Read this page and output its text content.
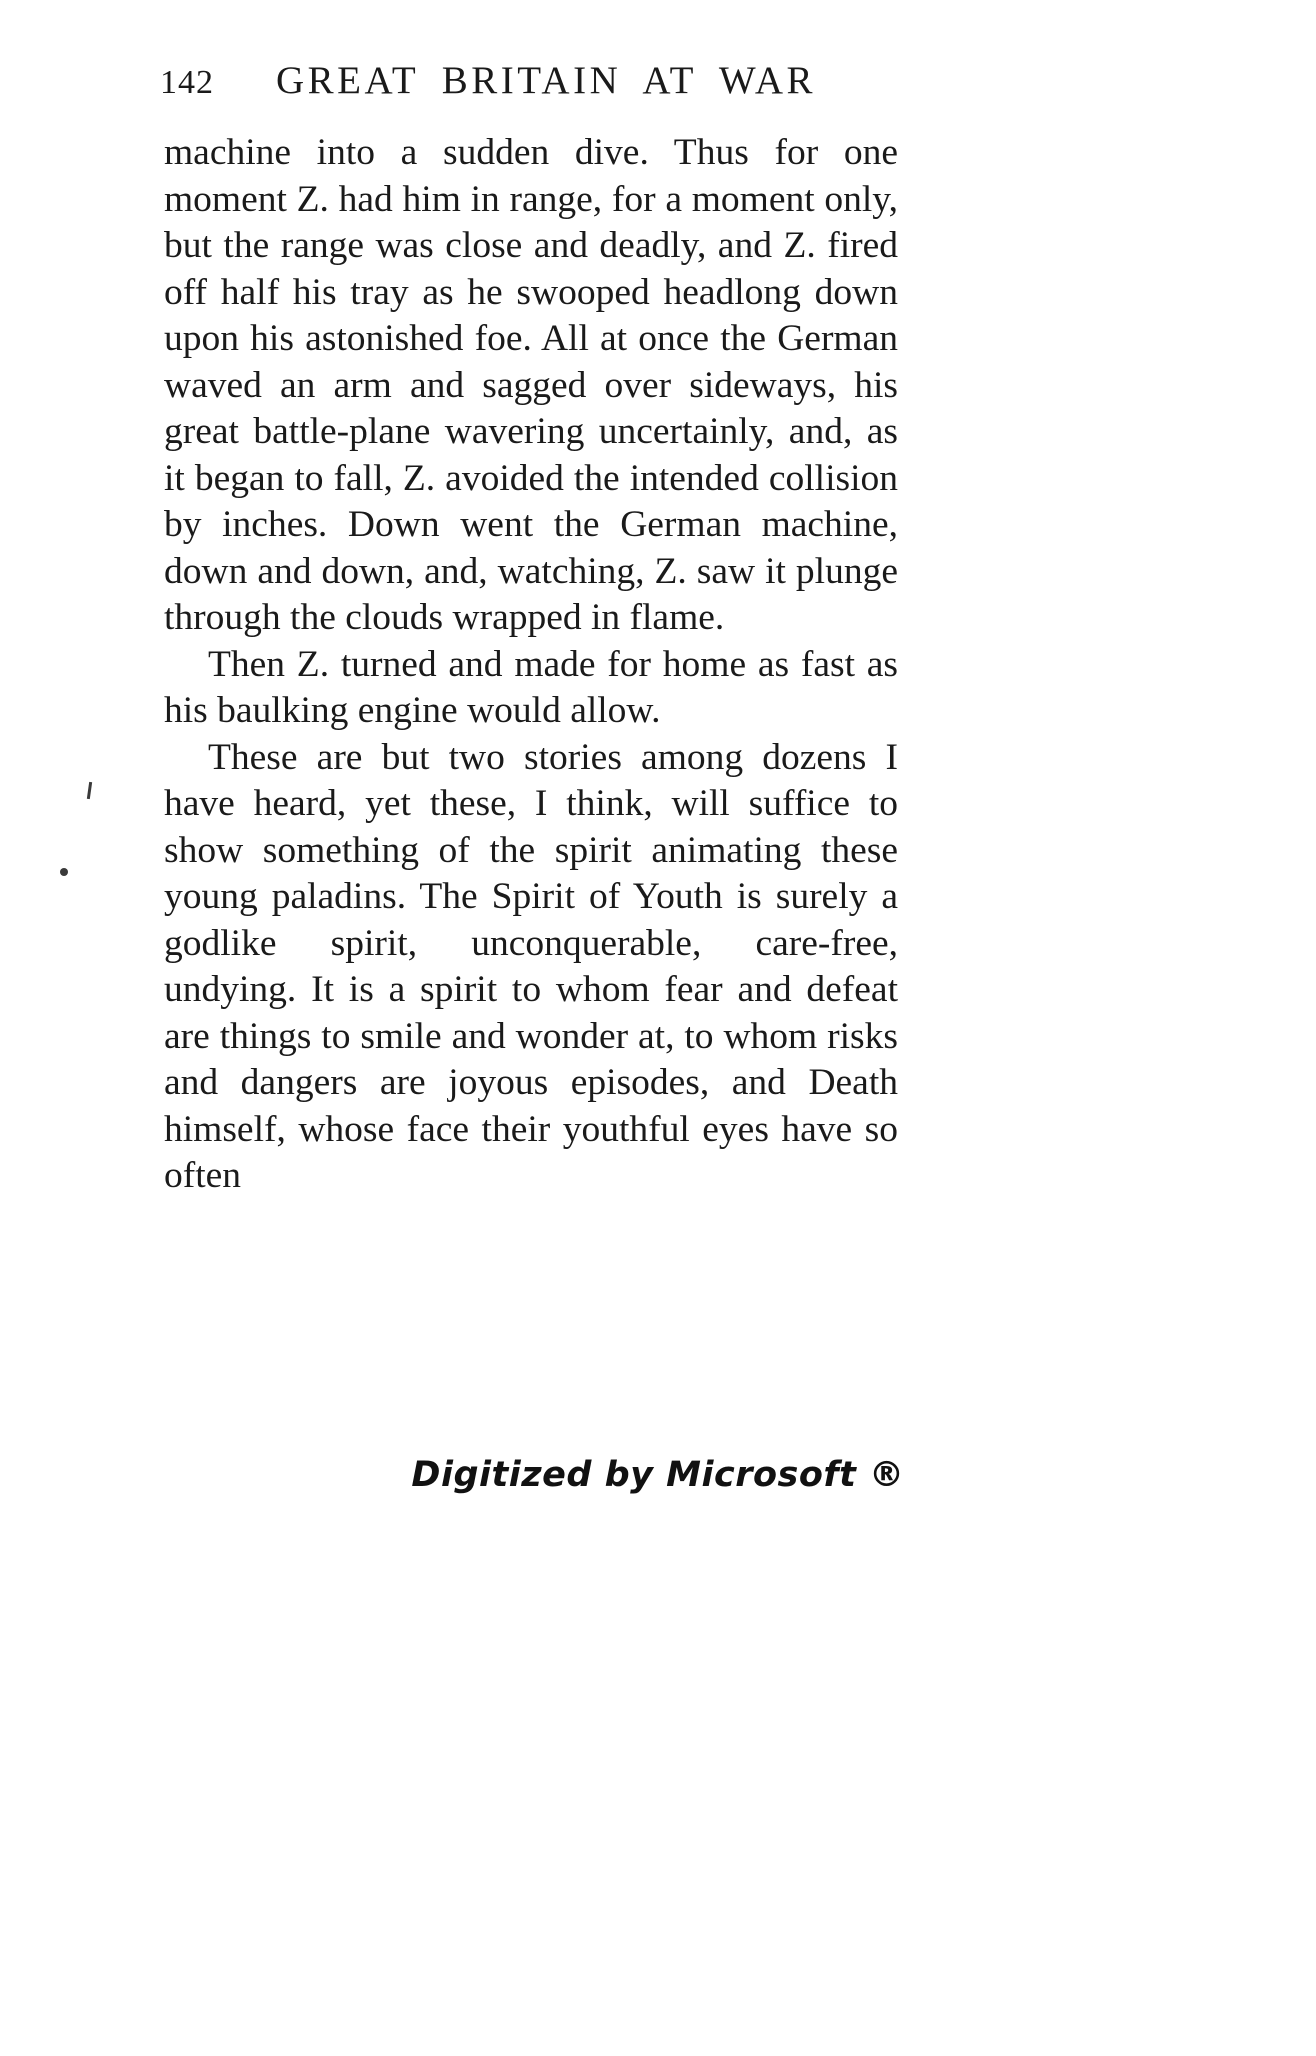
142 GREAT BRITAIN AT WAR

machine into a sudden dive. Thus for one moment Z. had him in range, for a moment only, but the range was close and deadly, and Z. fired off half his tray as he swooped headlong down upon his astonished foe. All at once the German waved an arm and sagged over sideways, his great battle-plane wavering uncertainly, and, as it began to fall, Z. avoided the intended collision by inches. Down went the German machine, down and down, and, watching, Z. saw it plunge through the clouds wrapped in flame.

Then Z. turned and made for home as fast as his baulking engine would allow.

These are but two stories among dozens I have heard, yet these, I think, will suffice to show something of the spirit animating these young paladins. The Spirit of Youth is surely a godlike spirit, unconquerable, care-free, undying. It is a spirit to whom fear and defeat are things to smile and wonder at, to whom risks and dangers are joyous episodes, and Death himself, whose face their youthful eyes have so often

Digitized by Microsoft ®
